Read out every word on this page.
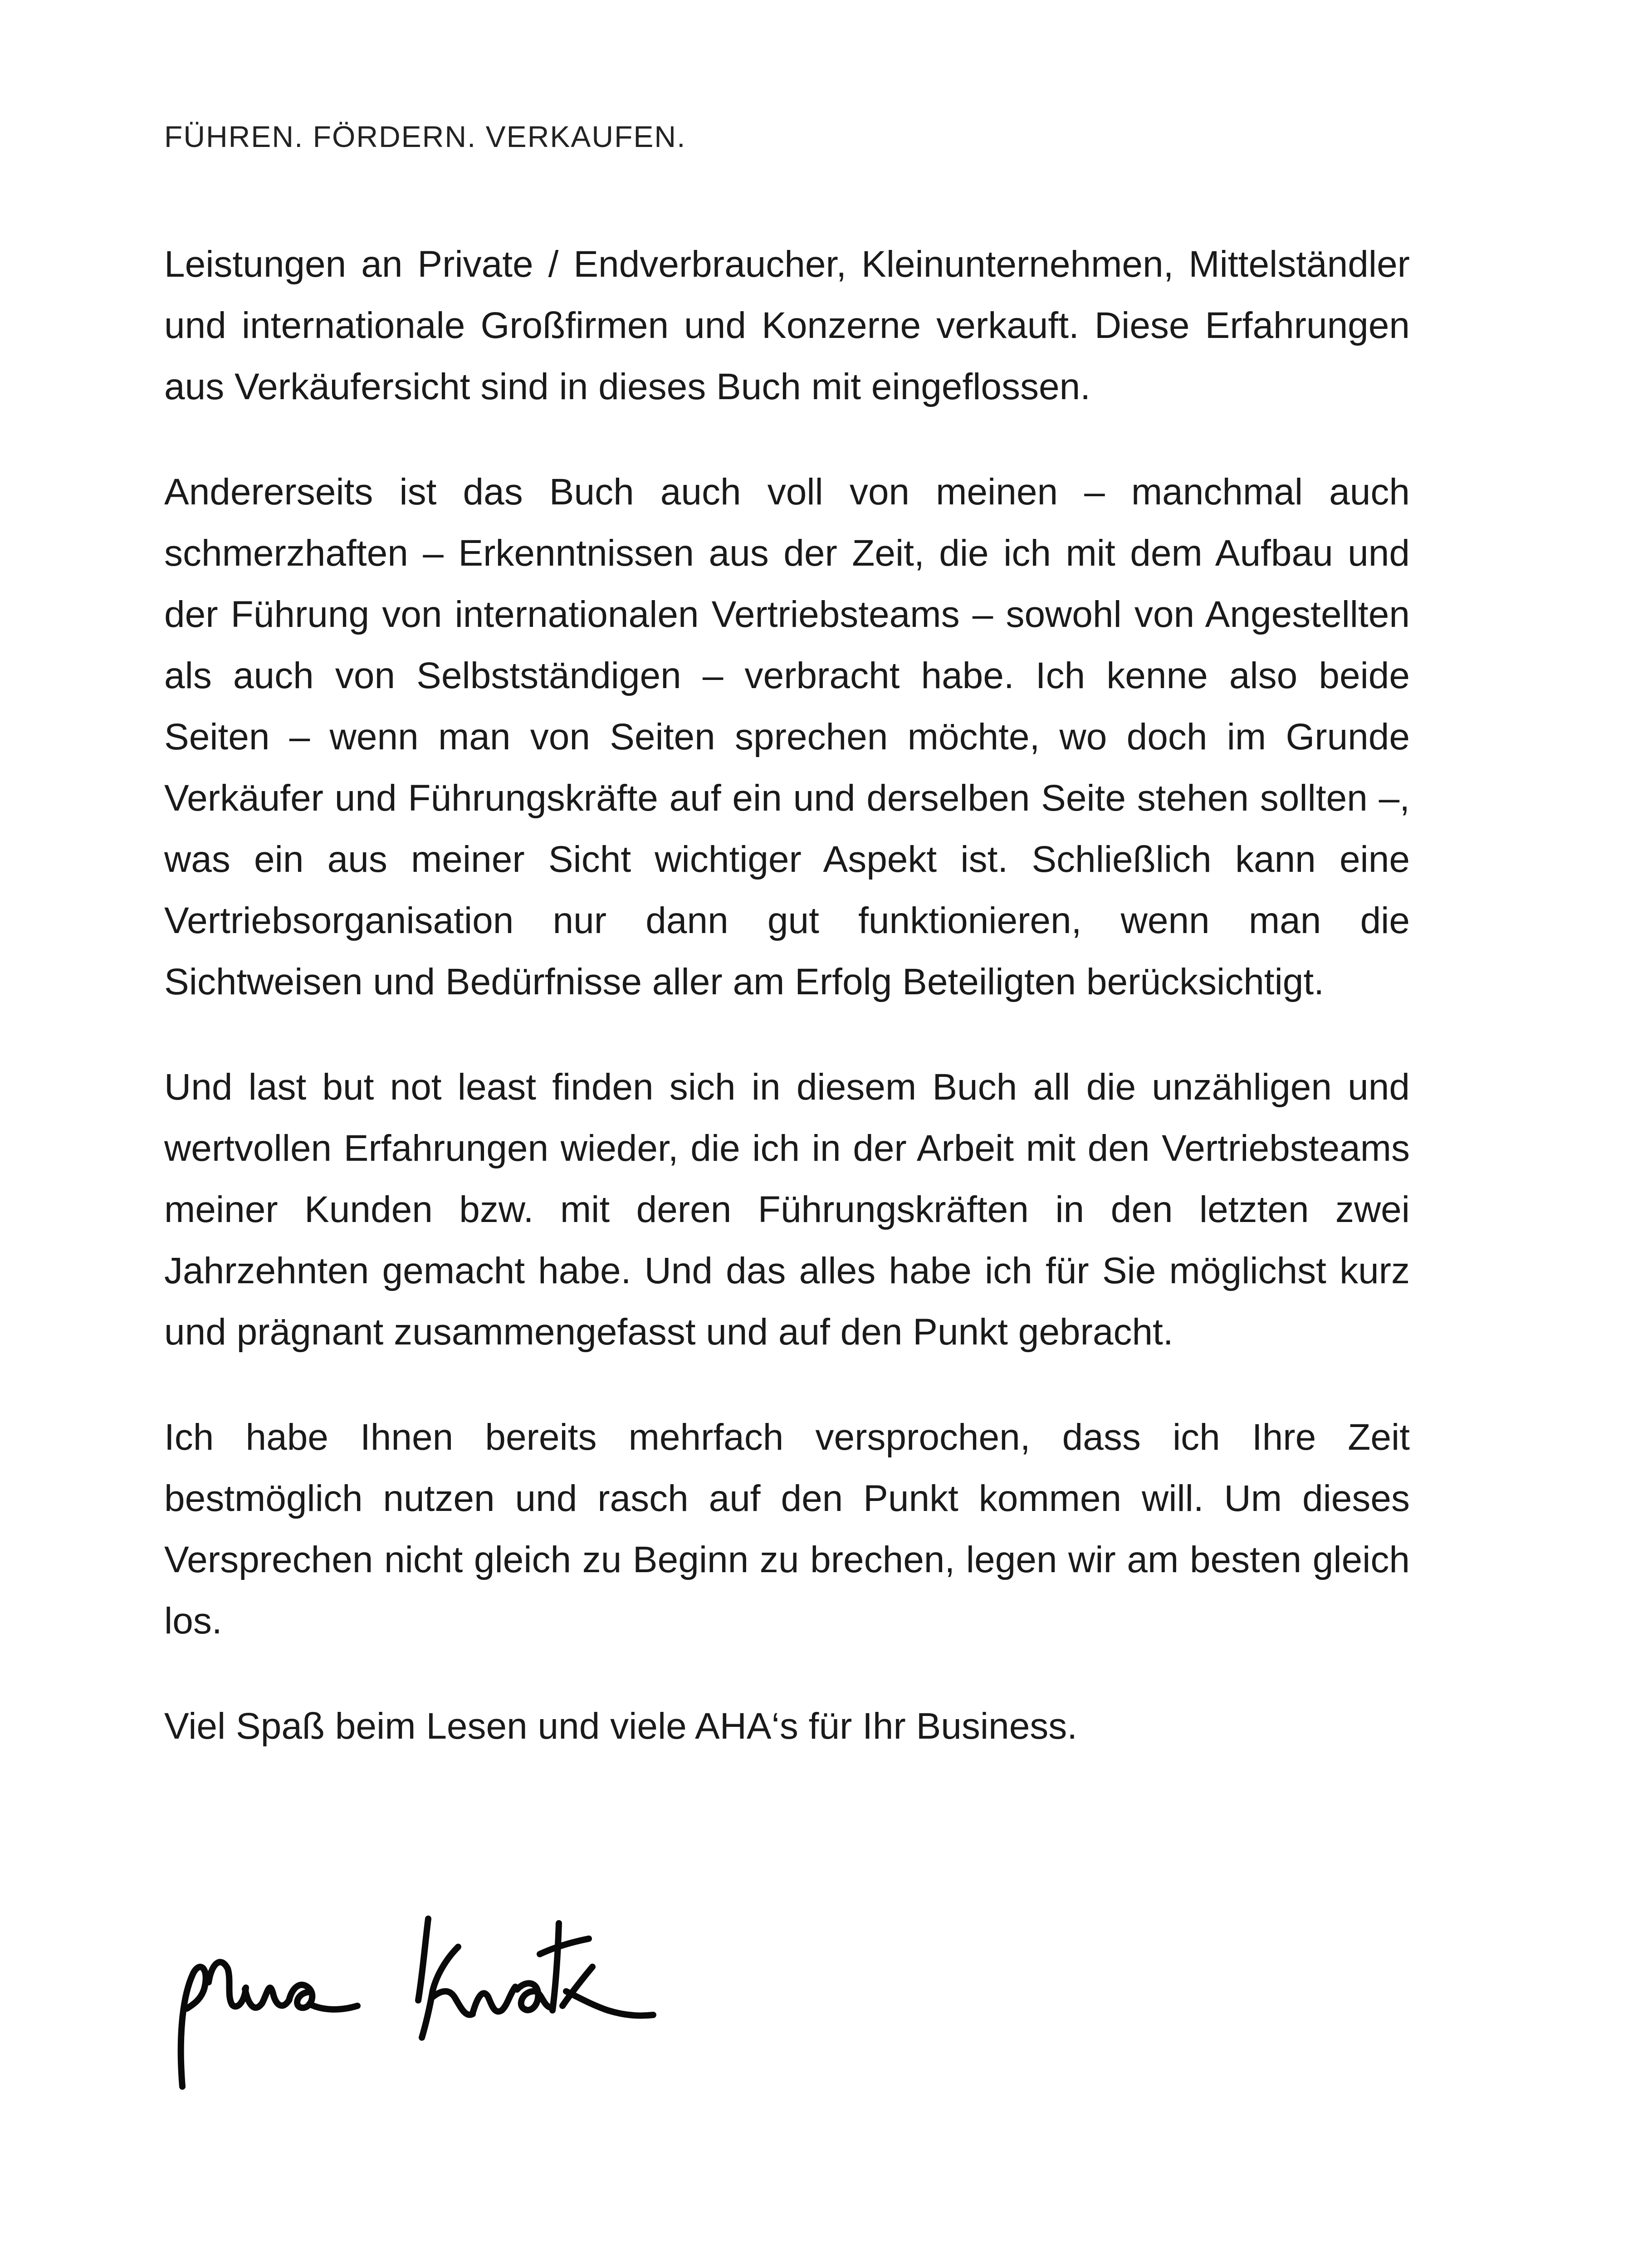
FÜHREN. FÖRDERN. VERKAUFEN.

Leistungen an Private / Endverbraucher, Kleinunternehmen, Mittelständler und internationale Großfirmen und Konzerne verkauft. Diese Erfahrungen aus Verkäufersicht sind in dieses Buch mit eingeflossen.

Andererseits ist das Buch auch voll von meinen – manchmal auch schmerzhaften – Erkenntnissen aus der Zeit, die ich mit dem Aufbau und der Führung von internationalen Vertriebsteams – sowohl von Angestellten als auch von Selbstständigen – verbracht habe. Ich kenne also beide Seiten – wenn man von Seiten sprechen möchte, wo doch im Grunde Verkäufer und Führungskräfte auf ein und derselben Seite stehen sollten –, was ein aus meiner Sicht wichtiger Aspekt ist. Schließlich kann eine Vertriebsorganisation nur dann gut funktionieren, wenn man die Sichtweisen und Bedürfnisse aller am Erfolg Beteiligten berücksichtigt.

Und last but not least finden sich in diesem Buch all die unzähligen und wertvollen Erfahrungen wieder, die ich in der Arbeit mit den Vertriebsteams meiner Kunden bzw. mit deren Führungskräften in den letzten zwei Jahrzehnten gemacht habe. Und das alles habe ich für Sie möglichst kurz und prägnant zusammengefasst und auf den Punkt gebracht.

Ich habe Ihnen bereits mehrfach versprochen, dass ich Ihre Zeit bestmöglich nutzen und rasch auf den Punkt kommen will. Um dieses Versprechen nicht gleich zu Beginn zu brechen, legen wir am besten gleich los.

Viel Spaß beim Lesen und viele AHA‘s für Ihr Business.
